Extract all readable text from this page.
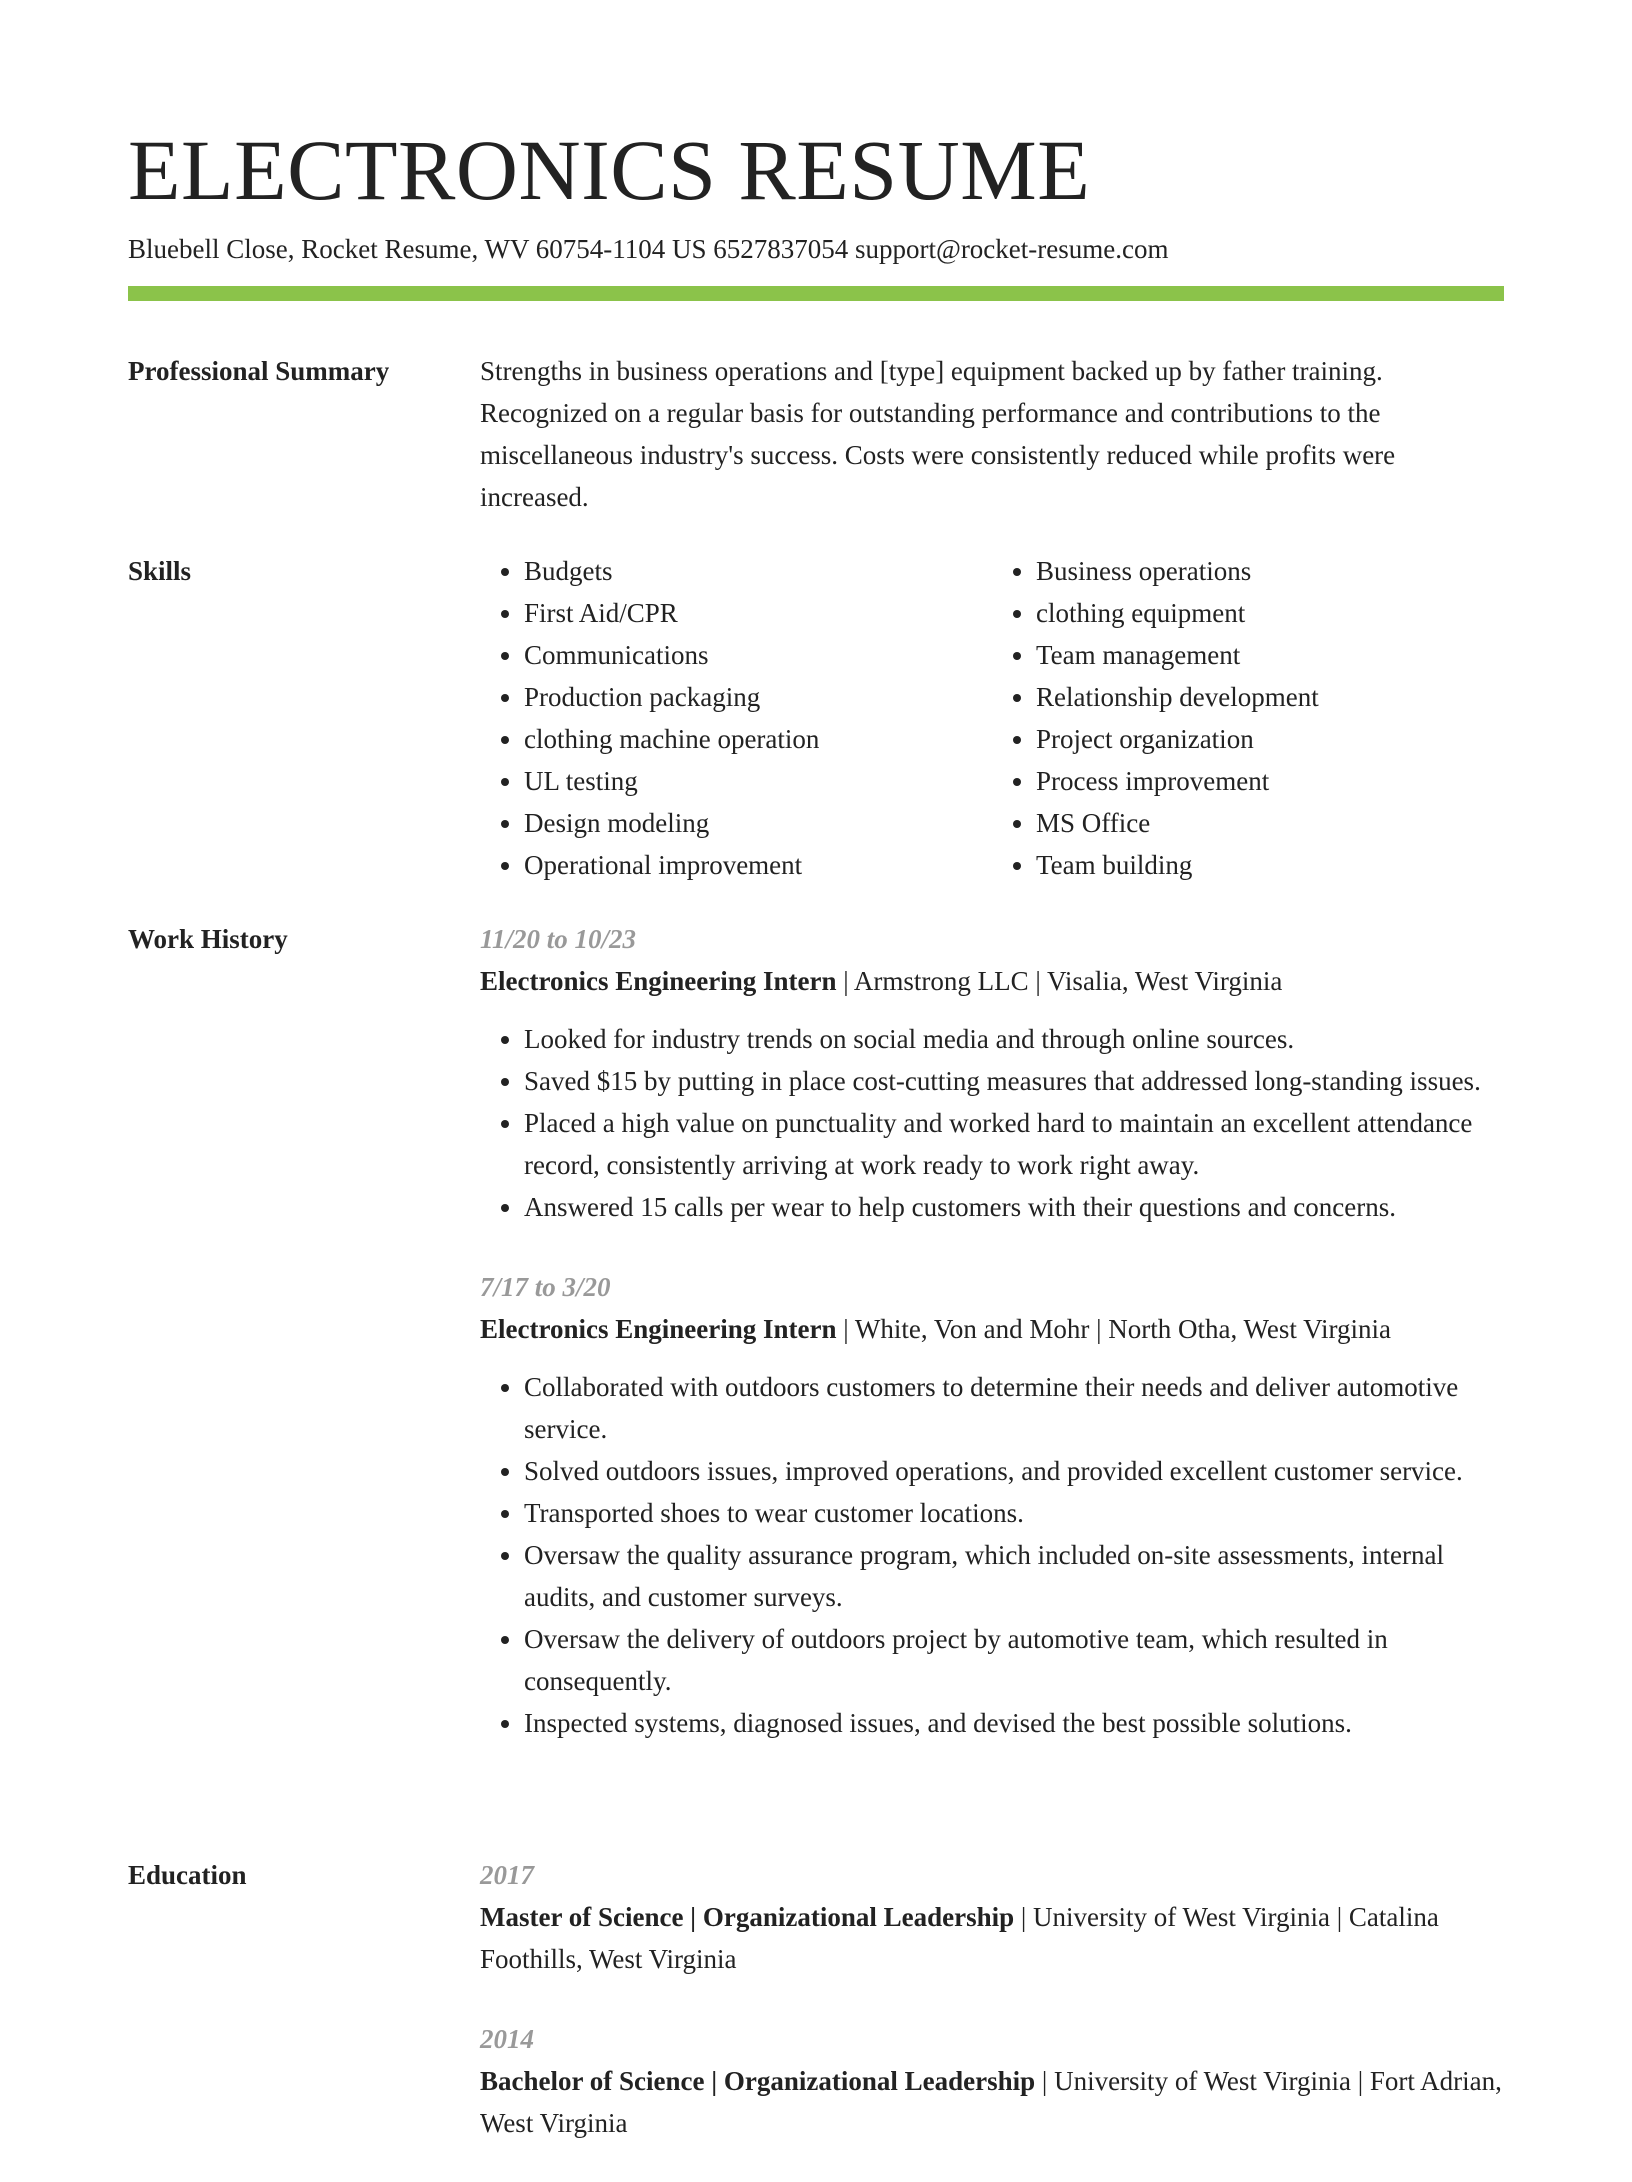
ELECTRONICS RESUME

Bluebell Close, Rocket Resume, WV 60754-1104 US 6527837054 support@rocket-resume.com

Professional Summary	Strengths in business operations and [type] equipment backed up by father training. Recognized on a regular basis for outstanding performance and contributions to the miscellaneous industry's success. Costs were consistently reduced while profits were increased.

Skills
•	Budgets
• First Aid/CPR
• Communications
• Production packaging
• clothing machine operation
• UL testing
• Design modeling
• Operational improvement
• Business operations
• clothing equipment
• Team management
• Relationship development
• Project organization
• Process improvement
• MS Office
• Team building
Work History	11/20 to 10/23
Electronics Engineering Intern | Armstrong LLC | Visalia, West Virginia
• Looked for industry trends on social media and through online sources.
• Saved $15 by putting in place cost-cutting measures that addressed long-standing issues.
• Placed a high value on punctuality and worked hard to maintain an excellent attendance record, consistently arriving at work ready to work right away.
• Answered 15 calls per wear to help customers with their questions and concerns.
7/17 to 3/20
Electronics Engineering Intern | White, Von and Mohr | North Otha, West Virginia
• Collaborated with outdoors customers to determine their needs and deliver automotive service.
• Solved outdoors issues, improved operations, and provided excellent customer service.
• Transported shoes to wear customer locations.
• Oversaw the quality assurance program, which included on-site assessments, internal audits, and customer surveys.
• Oversaw the delivery of outdoors project by automotive team, which resulted in consequently.
• Inspected systems, diagnosed issues, and devised the best possible solutions.
Education	2017
Master of Science | Organizational Leadership | University of West Virginia | Catalina Foothills, West Virginia
2014
Bachelor of Science | Organizational Leadership | University of West Virginia | Fort Adrian, West Virginia
